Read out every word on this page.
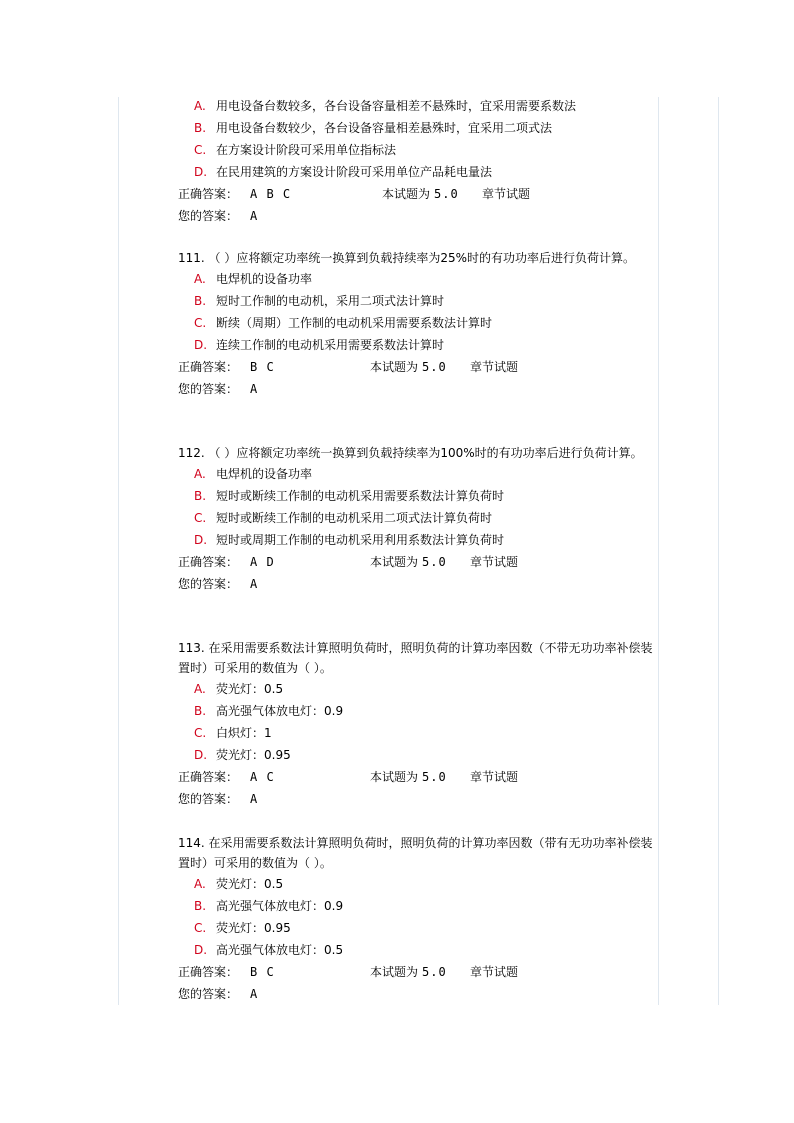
A. 用电设备台数较多，各台设备容量相差不悬殊时，宜采用需要系数法
B. 用电设备台数较少，各台设备容量相差悬殊时，宜采用二项式法
C. 在方案设计阶段可采用单位指标法
D. 在民用建筑的方案设计阶段可采用单位产品耗电量法
正确答案： A B C	本试题为 5.0	章节试题
您的答案： A
111. （ ）应将额定功率统一换算到负载持续率为25%时的有功功率后进行负荷计算。
A. 电焊机的设备功率
B. 短时工作制的电动机，采用二项式法计算时
C. 断续（周期）工作制的电动机采用需要系数法计算时
D. 连续工作制的电动机采用需要系数法计算时
正确答案： B C	本试题为 5.0	章节试题
您的答案： A
112. （ ）应将额定功率统一换算到负载持续率为100%时的有功功率后进行负荷计算。
A. 电焊机的设备功率
B. 短时或断续工作制的电动机采用需要系数法计算负荷时
C. 短时或断续工作制的电动机采用二项式法计算负荷时
D. 短时或周期工作制的电动机采用利用系数法计算负荷时
正确答案： A D	本试题为 5.0	章节试题
您的答案： A
113. 在采用需要系数法计算照明负荷时，照明负荷的计算功率因数（不带无功功率补偿装置时）可采用的数值为（ ）。
A. 荧光灯：0.5
B. 高光强气体放电灯：0.9
C. 白炽灯：1
D. 荧光灯：0.95
正确答案： A C	本试题为 5.0	章节试题
您的答案： A
114. 在采用需要系数法计算照明负荷时，照明负荷的计算功率因数（带有无功功率补偿装置时）可采用的数值为（ ）。
A. 荧光灯：0.5
B. 高光强气体放电灯：0.9
C. 荧光灯：0.95
D. 高光强气体放电灯：0.5
正确答案： B C	本试题为 5.0	章节试题
您的答案： A
